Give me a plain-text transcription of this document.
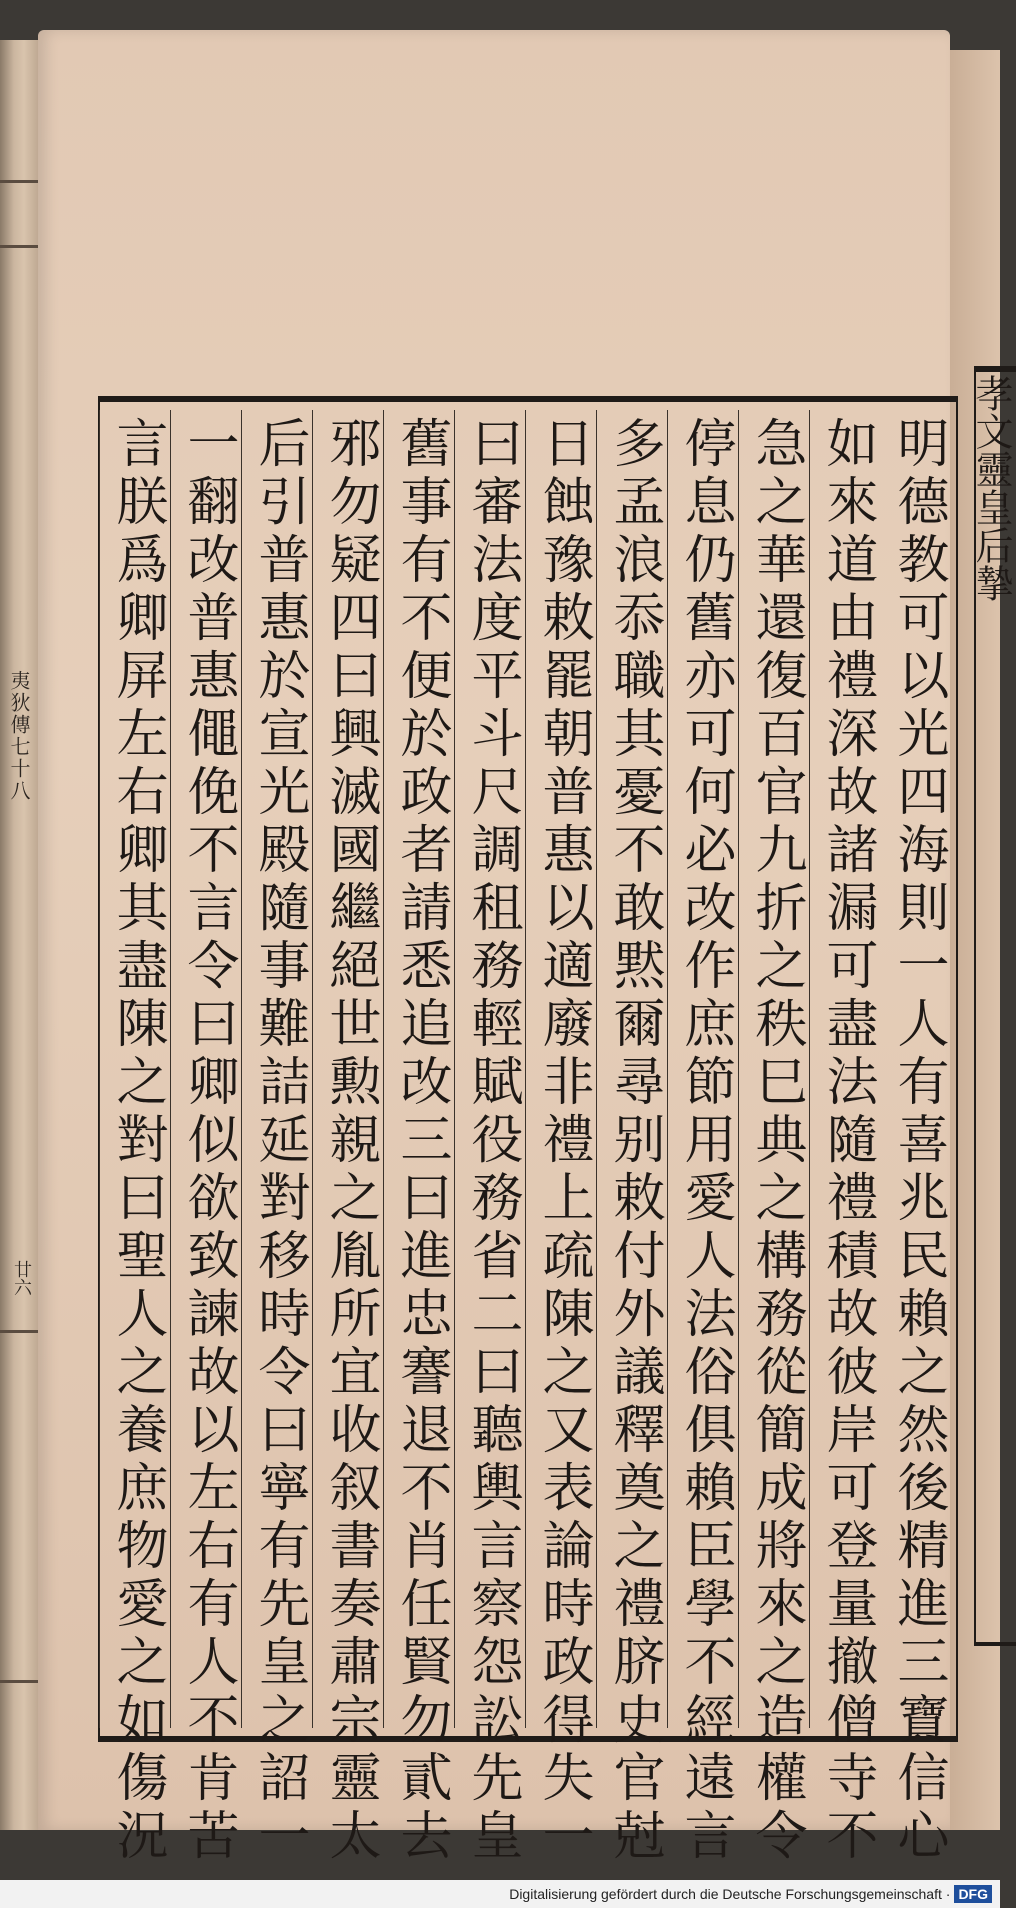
夷狄傳七十八
廿六
孝文靈皇后摯
明德教可以光四海則一人有喜兆民賴之然後精進三寶信心
如來道由禮深故諸漏可盡法隨禮積故彼岸可登量撤僧寺不
急之華還復百官九折之秩巳典之構務從簡成將來之造權令
停息仍舊亦可何必改作庶節用愛人法俗俱賴臣學不經遠言
多孟浪忝職其憂不敢黙爾尋别敕付外議釋奠之禮脐史官尅
日蝕豫敕罷朝普惠以適廢非禮上疏陳之又表論時政得失一
曰審法度平斗尺調租務輕賦役務省二曰聽輿言察怨訟先皇
舊事有不便於政者請悉追改三曰進忠謇退不肖任賢勿貳去
邪勿疑四曰興滅國繼絕世勲親之胤所宜收叙書奏肅宗靈太
后引普惠於宣光殿隨事難詰延對移時令曰寧有先皇之詔一
一翻改普惠僶俛不言令曰卿似欲致諫故以左右有人不肯苦
言朕爲卿屏左右卿其盡陳之對曰聖人之養庶物愛之如傷況
Digitalisierung gefördert durch die Deutsche Forschungsgemeinschaft · DFG
